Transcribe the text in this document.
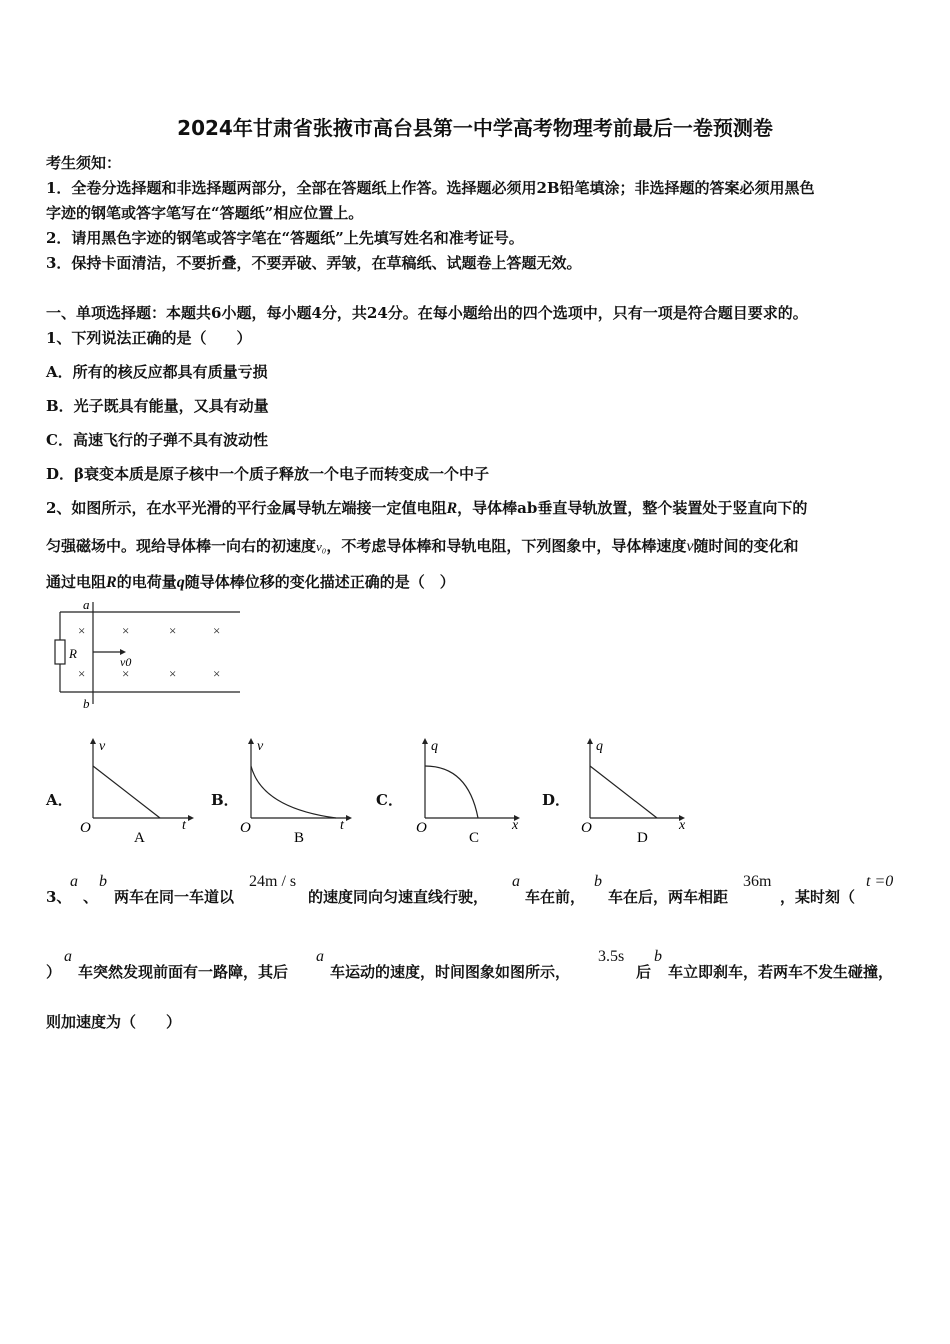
2024年甘肃省张掖市高台县第一中学高考物理考前最后一卷预测卷
考生须知：
1．全卷分选择题和非选择题两部分，全部在答题纸上作答。选择题必须用2B铅笔填涂；非选择题的答案必须用黑色
字迹的钢笔或答字笔写在“答题纸”相应位置上。
2．请用黑色字迹的钢笔或答字笔在“答题纸”上先填写姓名和准考证号。
3．保持卡面清洁，不要折叠，不要弄破、弄皱，在草稿纸、试题卷上答题无效。
一、单项选择题：本题共6小题，每小题4分，共24分。在每小题给出的四个选项中，只有一项是符合题目要求的。
1、下列说法正确的是（　　）
A．所有的核反应都具有质量亏损
B．光子既具有能量，又具有动量
C．高速飞行的子弹不具有波动性
D．β衰变本质是原子核中一个质子释放一个电子而转变成一个中子
2、如图所示，在水平光滑的平行金属导轨左端接一定值电阻R，导体棒ab垂直导轨放置，整个装置处于竖直向下的
匀强磁场中。现给导体棒一向右的初速度v₀，不考虑导体棒和导轨电阻，下列图象中，导体棒速度v随时间的变化和
通过电阻R的电荷量q随导体棒位移的变化描述正确的是（　）
R
a
b
v0
×	×	×	×
×	×	×	×
A．
v
t
O
A
B．
v
t
O
B
C．
q
x
O
C
D．
q
x
O
D
3、
a
、
b
两车在同一车道以
24m / s
的速度同向匀速直线行驶，
a
车在前，
b
车在后，两车相距
36m
，某时刻（
t =0
）
a
车突然发现前面有一路障，其后
a
车运动的速度，时间图象如图所示，
3.5s
后
b
车立即刹车，若两车不发生碰撞，
则加速度为（　　）
